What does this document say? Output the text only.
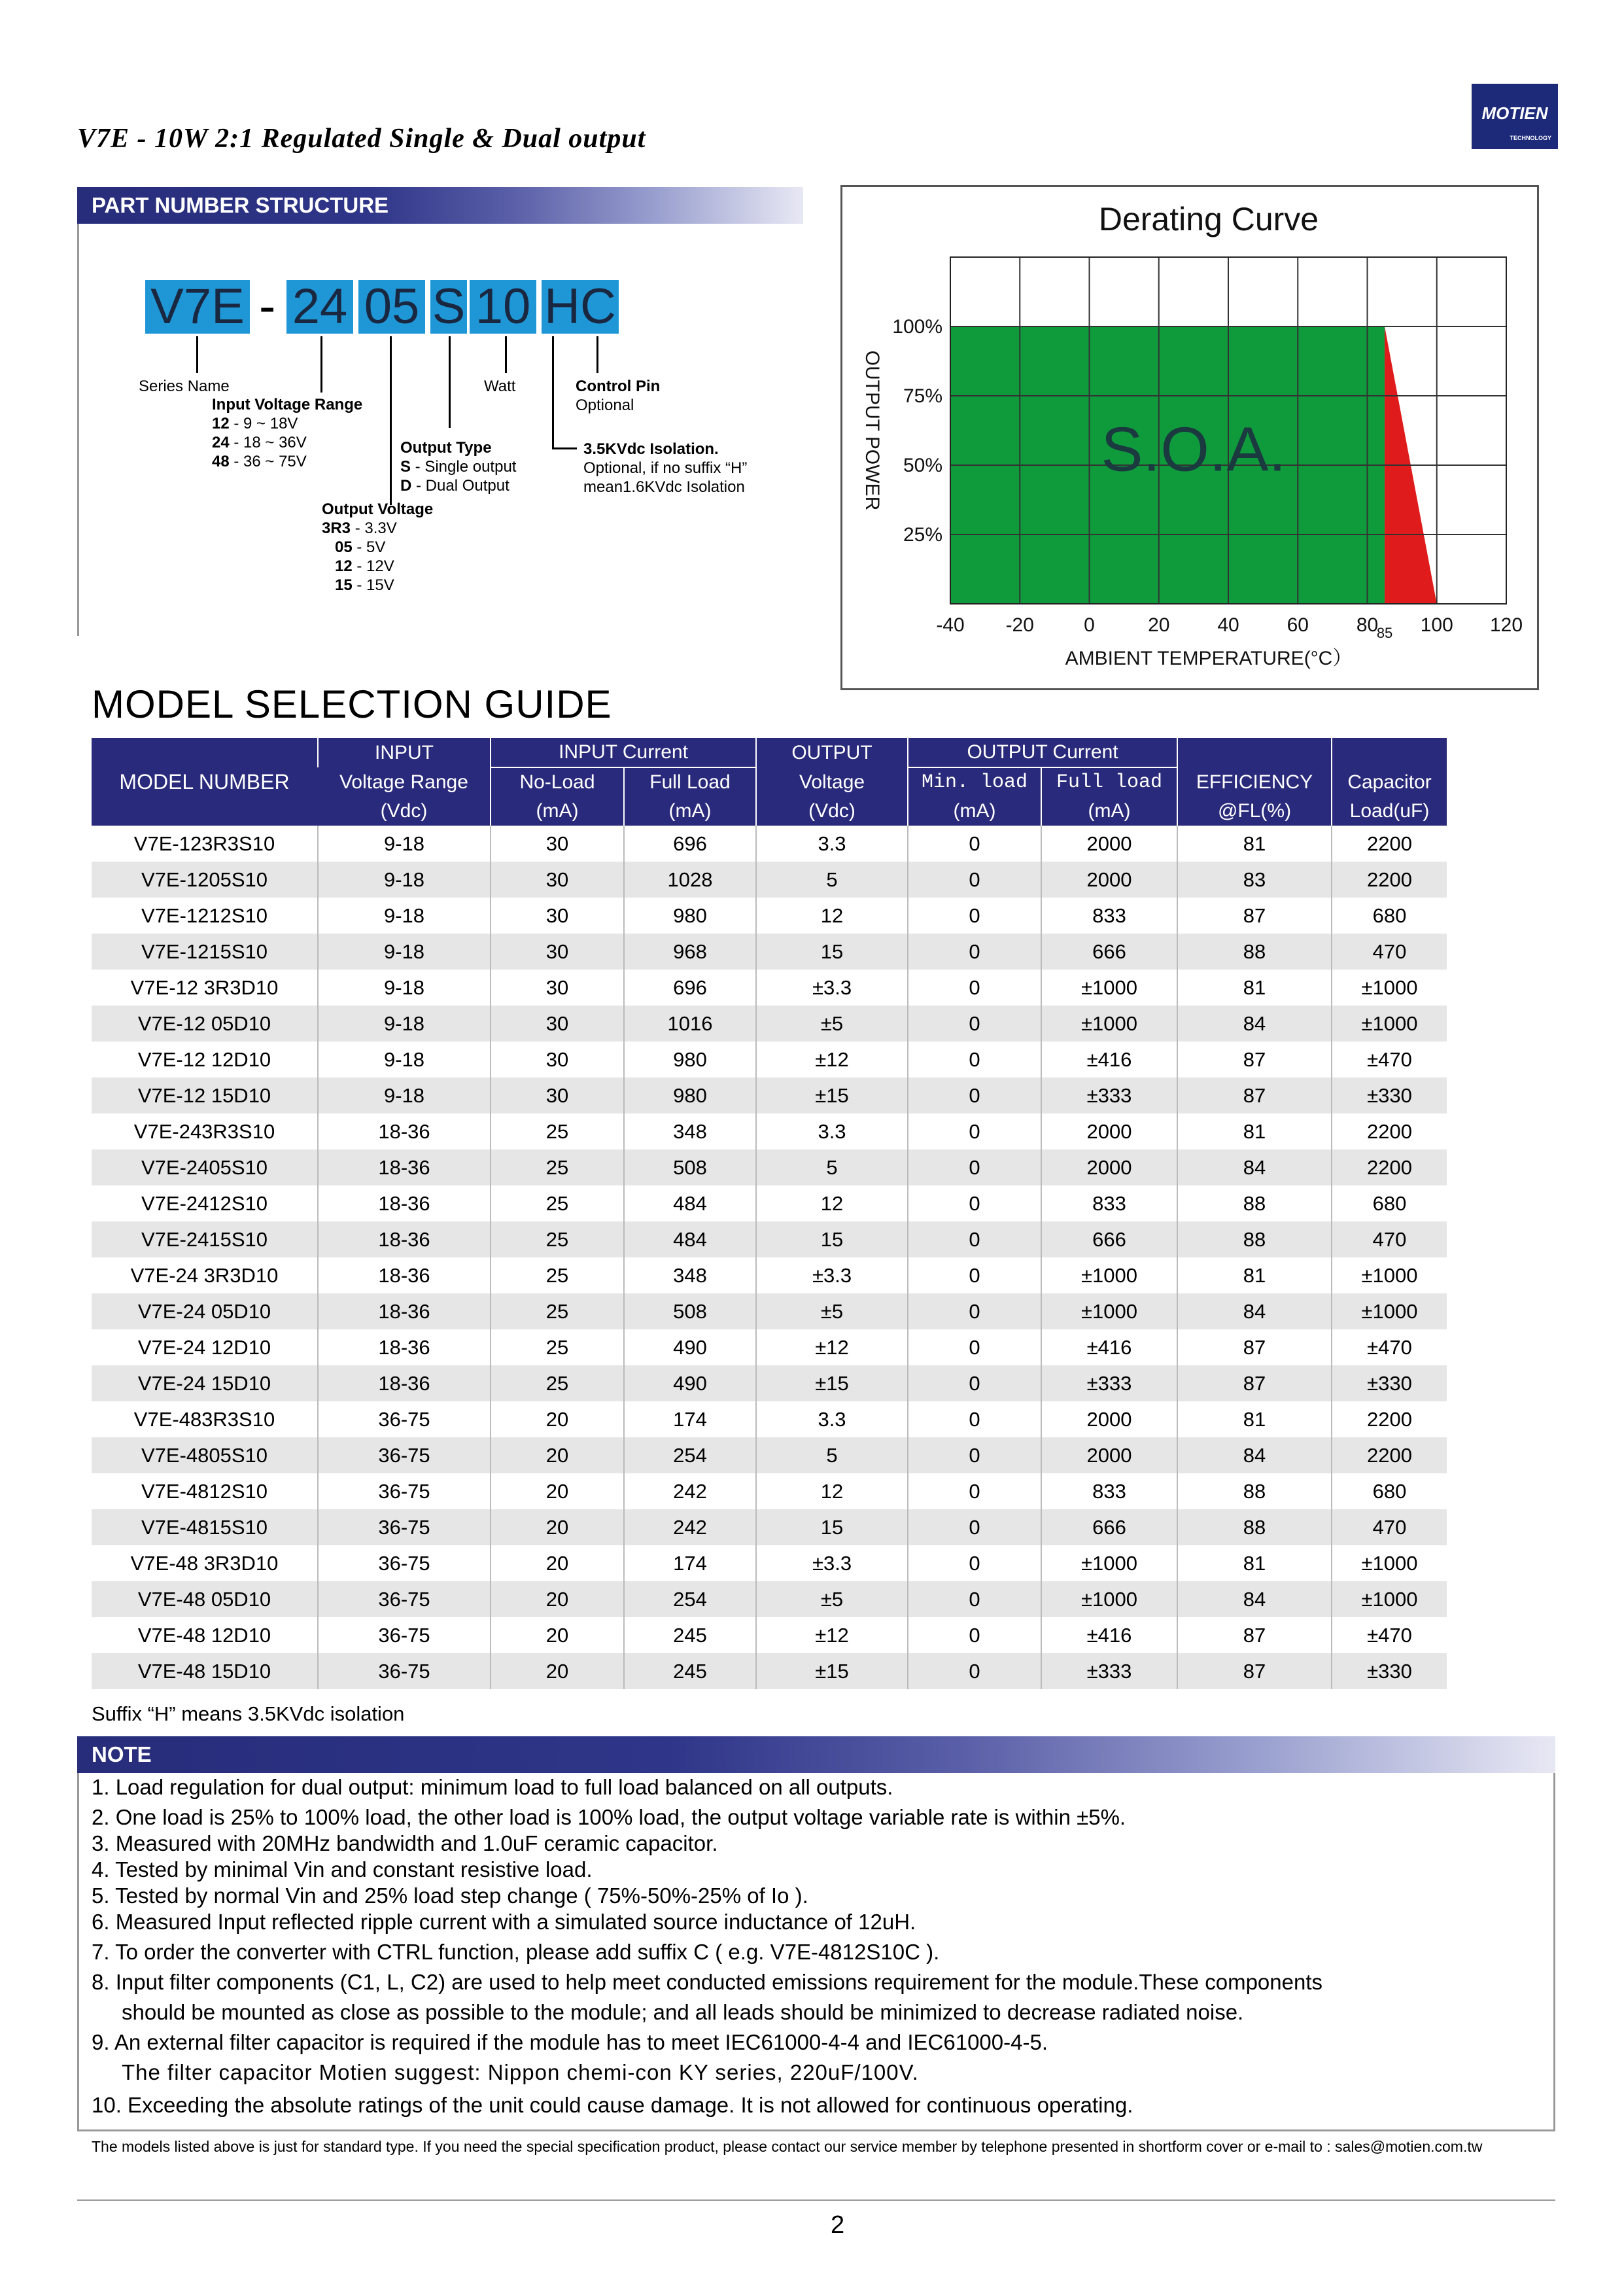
V7E - 10W 2:1 Regulated Single & Dual output
MOTIEN
TECHNOLOGY
PART NUMBER STRUCTURE
V7E - 24 05 S 10 HC
Series Name
Input Voltage Range
12 - 9 ~ 18V
24 - 18 ~ 36V
48 - 36 ~ 75V
Output Voltage
3R3 - 3.3V
05 - 5V
12 - 12V
15 - 15V
Output Type
S - Single output
D - Dual Output
Watt	Control Pin
Optional
3.5KVdc Isolation.
Optional, if no suffix “H”
mean1.6KVdc Isolation
Derating Curve
OUTPUT POWER
AMBIENT TEMPERATURE(°C）
S.O.A.
-40 -20	0	20 40 60 80 100 120
85
100%
75%
50%
25%
MODEL SELECTION GUIDE
MODEL NUMBER	INPUT	INPUT Current		OUTPUT	OUTPUT Current			
	Voltage Range	No-Load	Full Load	Voltage	Min. load	Full load	EFFICIENCY	Capacitor
	(Vdc)	(mA)	(mA)	(Vdc)	(mA)	(mA)	@FL(%)	Load(uF)
V7E-123R3S10	9-18	30	696	3.3	0	2000	81	2200
V7E-1205S10	9-18	30	1028	5	0	2000	83	2200
V7E-1212S10	9-18	30	980	12	0	833	87	680
V7E-1215S10	9-18	30	968	15	0	666	88	470
V7E-12 3R3D10	9-18	30	696	±3.3	0	±1000	81	±1000
V7E-12 05D10	9-18	30	1016	±5	0	±1000	84	±1000
V7E-12 12D10	9-18	30	980	±12	0	±416	87	±470
V7E-12 15D10	9-18	30	980	±15	0	±333	87	±330
V7E-243R3S10	18-36	25	348	3.3	0	2000	81	2200
V7E-2405S10	18-36	25	508	5	0	2000	84	2200
V7E-2412S10	18-36	25	484	12	0	833	88	680
V7E-2415S10	18-36	25	484	15	0	666	88	470
V7E-24 3R3D10	18-36	25	348	±3.3	0	±1000	81	±1000
V7E-24 05D10	18-36	25	508	±5	0	±1000	84	±1000
V7E-24 12D10	18-36	25	490	±12	0	±416	87	±470
V7E-24 15D10	18-36	25	490	±15	0	±333	87	±330
V7E-483R3S10	36-75	20	174	3.3	0	2000	81	2200
V7E-4805S10	36-75	20	254	5	0	2000	84	2200
V7E-4812S10	36-75	20	242	12	0	833	88	680
V7E-4815S10	36-75	20	242	15	0	666	88	470
V7E-48 3R3D10	36-75	20	174	±3.3	0	±1000	81	±1000
V7E-48 05D10	36-75	20	254	±5	0	±1000	84	±1000
V7E-48 12D10	36-75	20	245	±12	0	±416	87	±470
V7E-48 15D10	36-75	20	245	±15	0	±333	87	±330
Suffix “H” means 3.5KVdc isolation
NOTE
1. Load regulation for dual output: minimum load to full load balanced on all outputs.
2. One load is 25% to 100% load, the other load is 100% load, the output voltage variable rate is within ±5%.
3. Measured with 20MHz bandwidth and 1.0uF ceramic capacitor.
4. Tested by minimal Vin and constant resistive load.
5. Tested by normal Vin and 25% load step change ( 75%-50%-25% of Io ).
6. Measured Input reflected ripple current with a simulated source inductance of 12uH.
7. To order the converter with CTRL function, please add suffix C ( e.g. V7E-4812S10C ).
8. Input filter components (C1, L, C2) are used to help meet conducted emissions requirement for the module.These components
should be mounted as close as possible to the module; and all leads should be minimized to decrease radiated noise.
9. An external filter capacitor is required if the module has to meet IEC61000-4-4 and IEC61000-4-5.
The filter capacitor Motien suggest: Nippon chemi-con KY series, 220uF/100V.
10. Exceeding the absolute ratings of the unit could cause damage. It is not allowed for continuous operating.
The models listed above is just for standard type. If you need the special specification product, please contact our service member by telephone presented in shortform cover or e-mail to : sales@motien.com.tw
2
